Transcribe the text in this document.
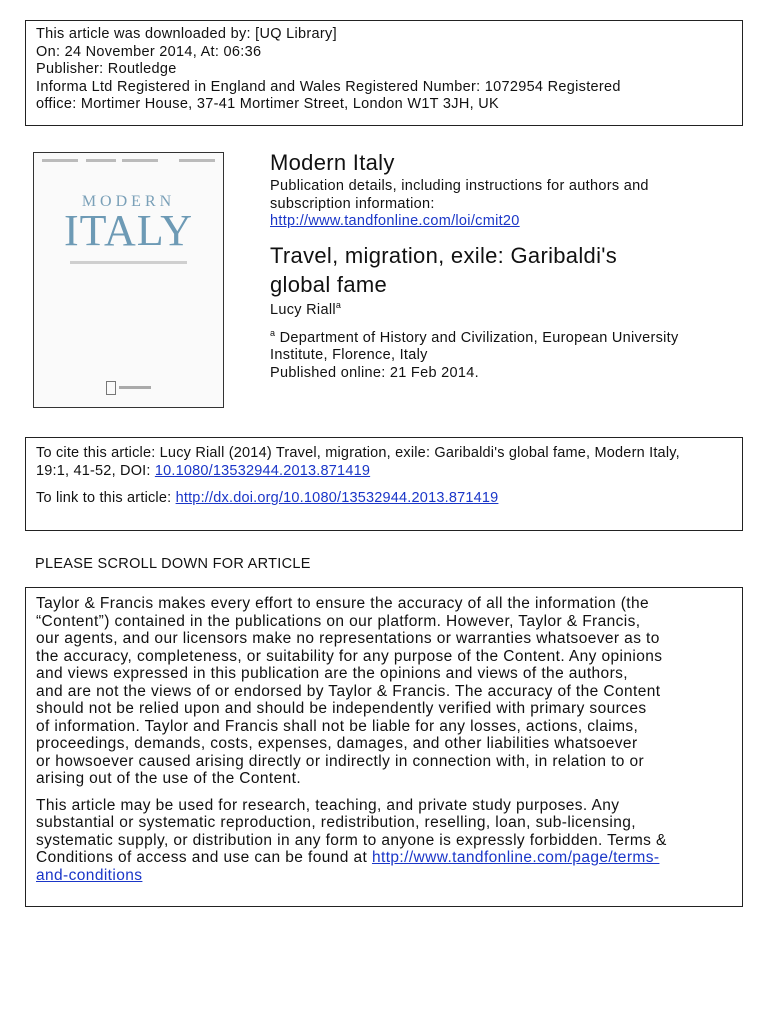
This article was downloaded by: [UQ Library]
On: 24 November 2014, At: 06:36
Publisher: Routledge
Informa Ltd Registered in England and Wales Registered Number: 1072954 Registered
office: Mortimer House, 37-41 Mortimer Street, London W1T 3JH, UK
MODERN
ITALY
Modern Italy
Publication details, including instructions for authors and
subscription information:
http://www.tandfonline.com/loi/cmit20
Travel, migration, exile: Garibaldi's
global fame
Lucy Riall$^a$
$^a$ Department of History and Civilization, European University
Institute, Florence, Italy
Published online: 21 Feb 2014.
To cite this article: Lucy Riall (2014) Travel, migration, exile: Garibaldi's global fame, Modern Italy,
19:1, 41-52, DOI: 10.1080/13532944.2013.871419
To link to this article: http://dx.doi.org/10.1080/13532944.2013.871419
PLEASE SCROLL DOWN FOR ARTICLE
Taylor & Francis makes every effort to ensure the accuracy of all the information (the
“Content”) contained in the publications on our platform. However, Taylor & Francis,
our agents, and our licensors make no representations or warranties whatsoever as to
the accuracy, completeness, or suitability for any purpose of the Content. Any opinions
and views expressed in this publication are the opinions and views of the authors,
and are not the views of or endorsed by Taylor & Francis. The accuracy of the Content
should not be relied upon and should be independently verified with primary sources
of information. Taylor and Francis shall not be liable for any losses, actions, claims,
proceedings, demands, costs, expenses, damages, and other liabilities whatsoever
or howsoever caused arising directly or indirectly in connection with, in relation to or
arising out of the use of the Content.
This article may be used for research, teaching, and private study purposes. Any
substantial or systematic reproduction, redistribution, reselling, loan, sub-licensing,
systematic supply, or distribution in any form to anyone is expressly forbidden. Terms &
Conditions of access and use can be found at http://www.tandfonline.com/page/terms-
and-conditions
